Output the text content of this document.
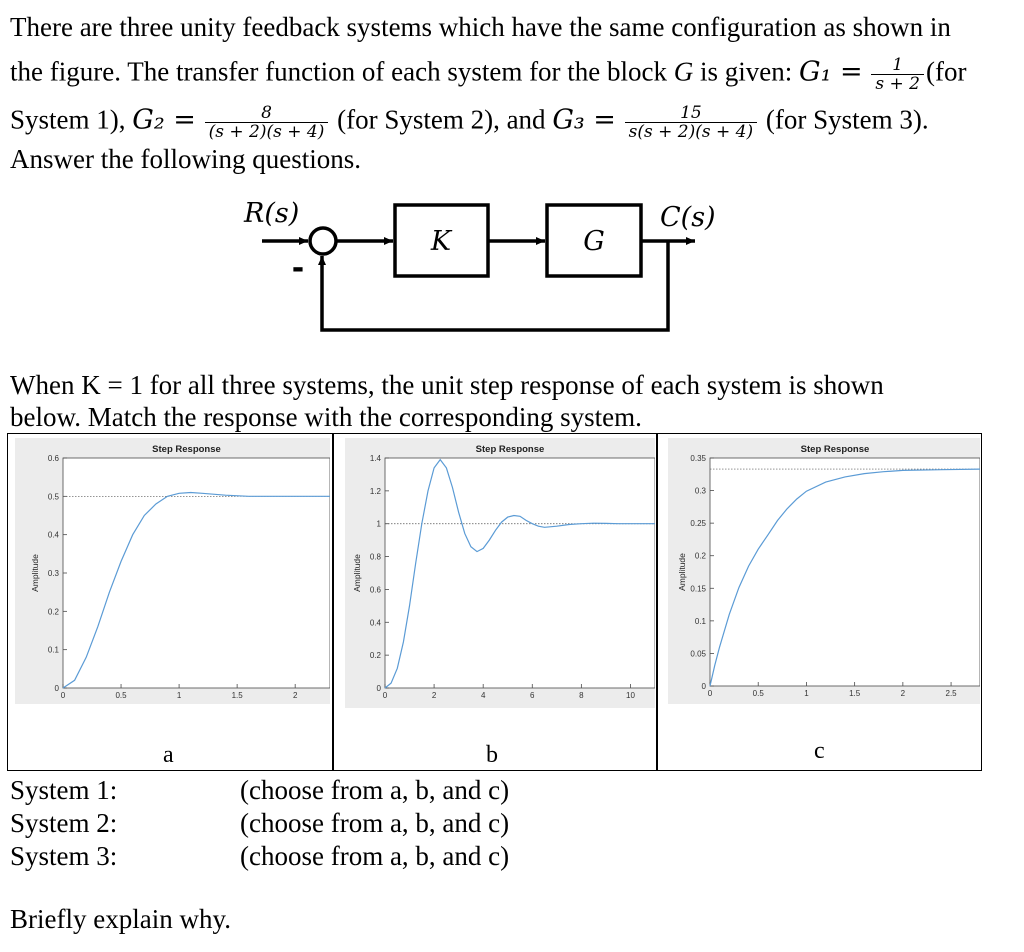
There are three unity feedback systems which have the same configuration as shown in
the figure. The transfer function of each system for the block G is given: $G_1 = \frac{1}{s + 2} (for$
System 1), $G_2 = \frac{8}{(s + 2)(s + 4)} (for$ System 2), and $G_3 = \frac{15}{s(s + 2)(s + 4)} (for$ System 3).
Answer the following questions.
R(s)	C(s)
K	G
-
When K = 1 for all three systems, the unit step response of each system is shown
below. Match the response with the corresponding system.
Step Response
Amplitude
0	0.5	1	1.5	2
0
0.1
0.2
0.3
0.4
0.5
0.6
Step Response
Amplitude
0	2	4	6	8	10
0
0.2
0.4
0.6
0.8
1
1.2
1.4
Step Response
Amplitude
0	0.5	1	1.5	2	2.5
0
0.05
0.1
0.15
0.2
0.25
0.3
0.35
a	b	c
System 1:	(choose from a, b, and c)
System 2:	(choose from a, b, and c)
System 3:	(choose from a, b, and c)
Briefly explain why.
